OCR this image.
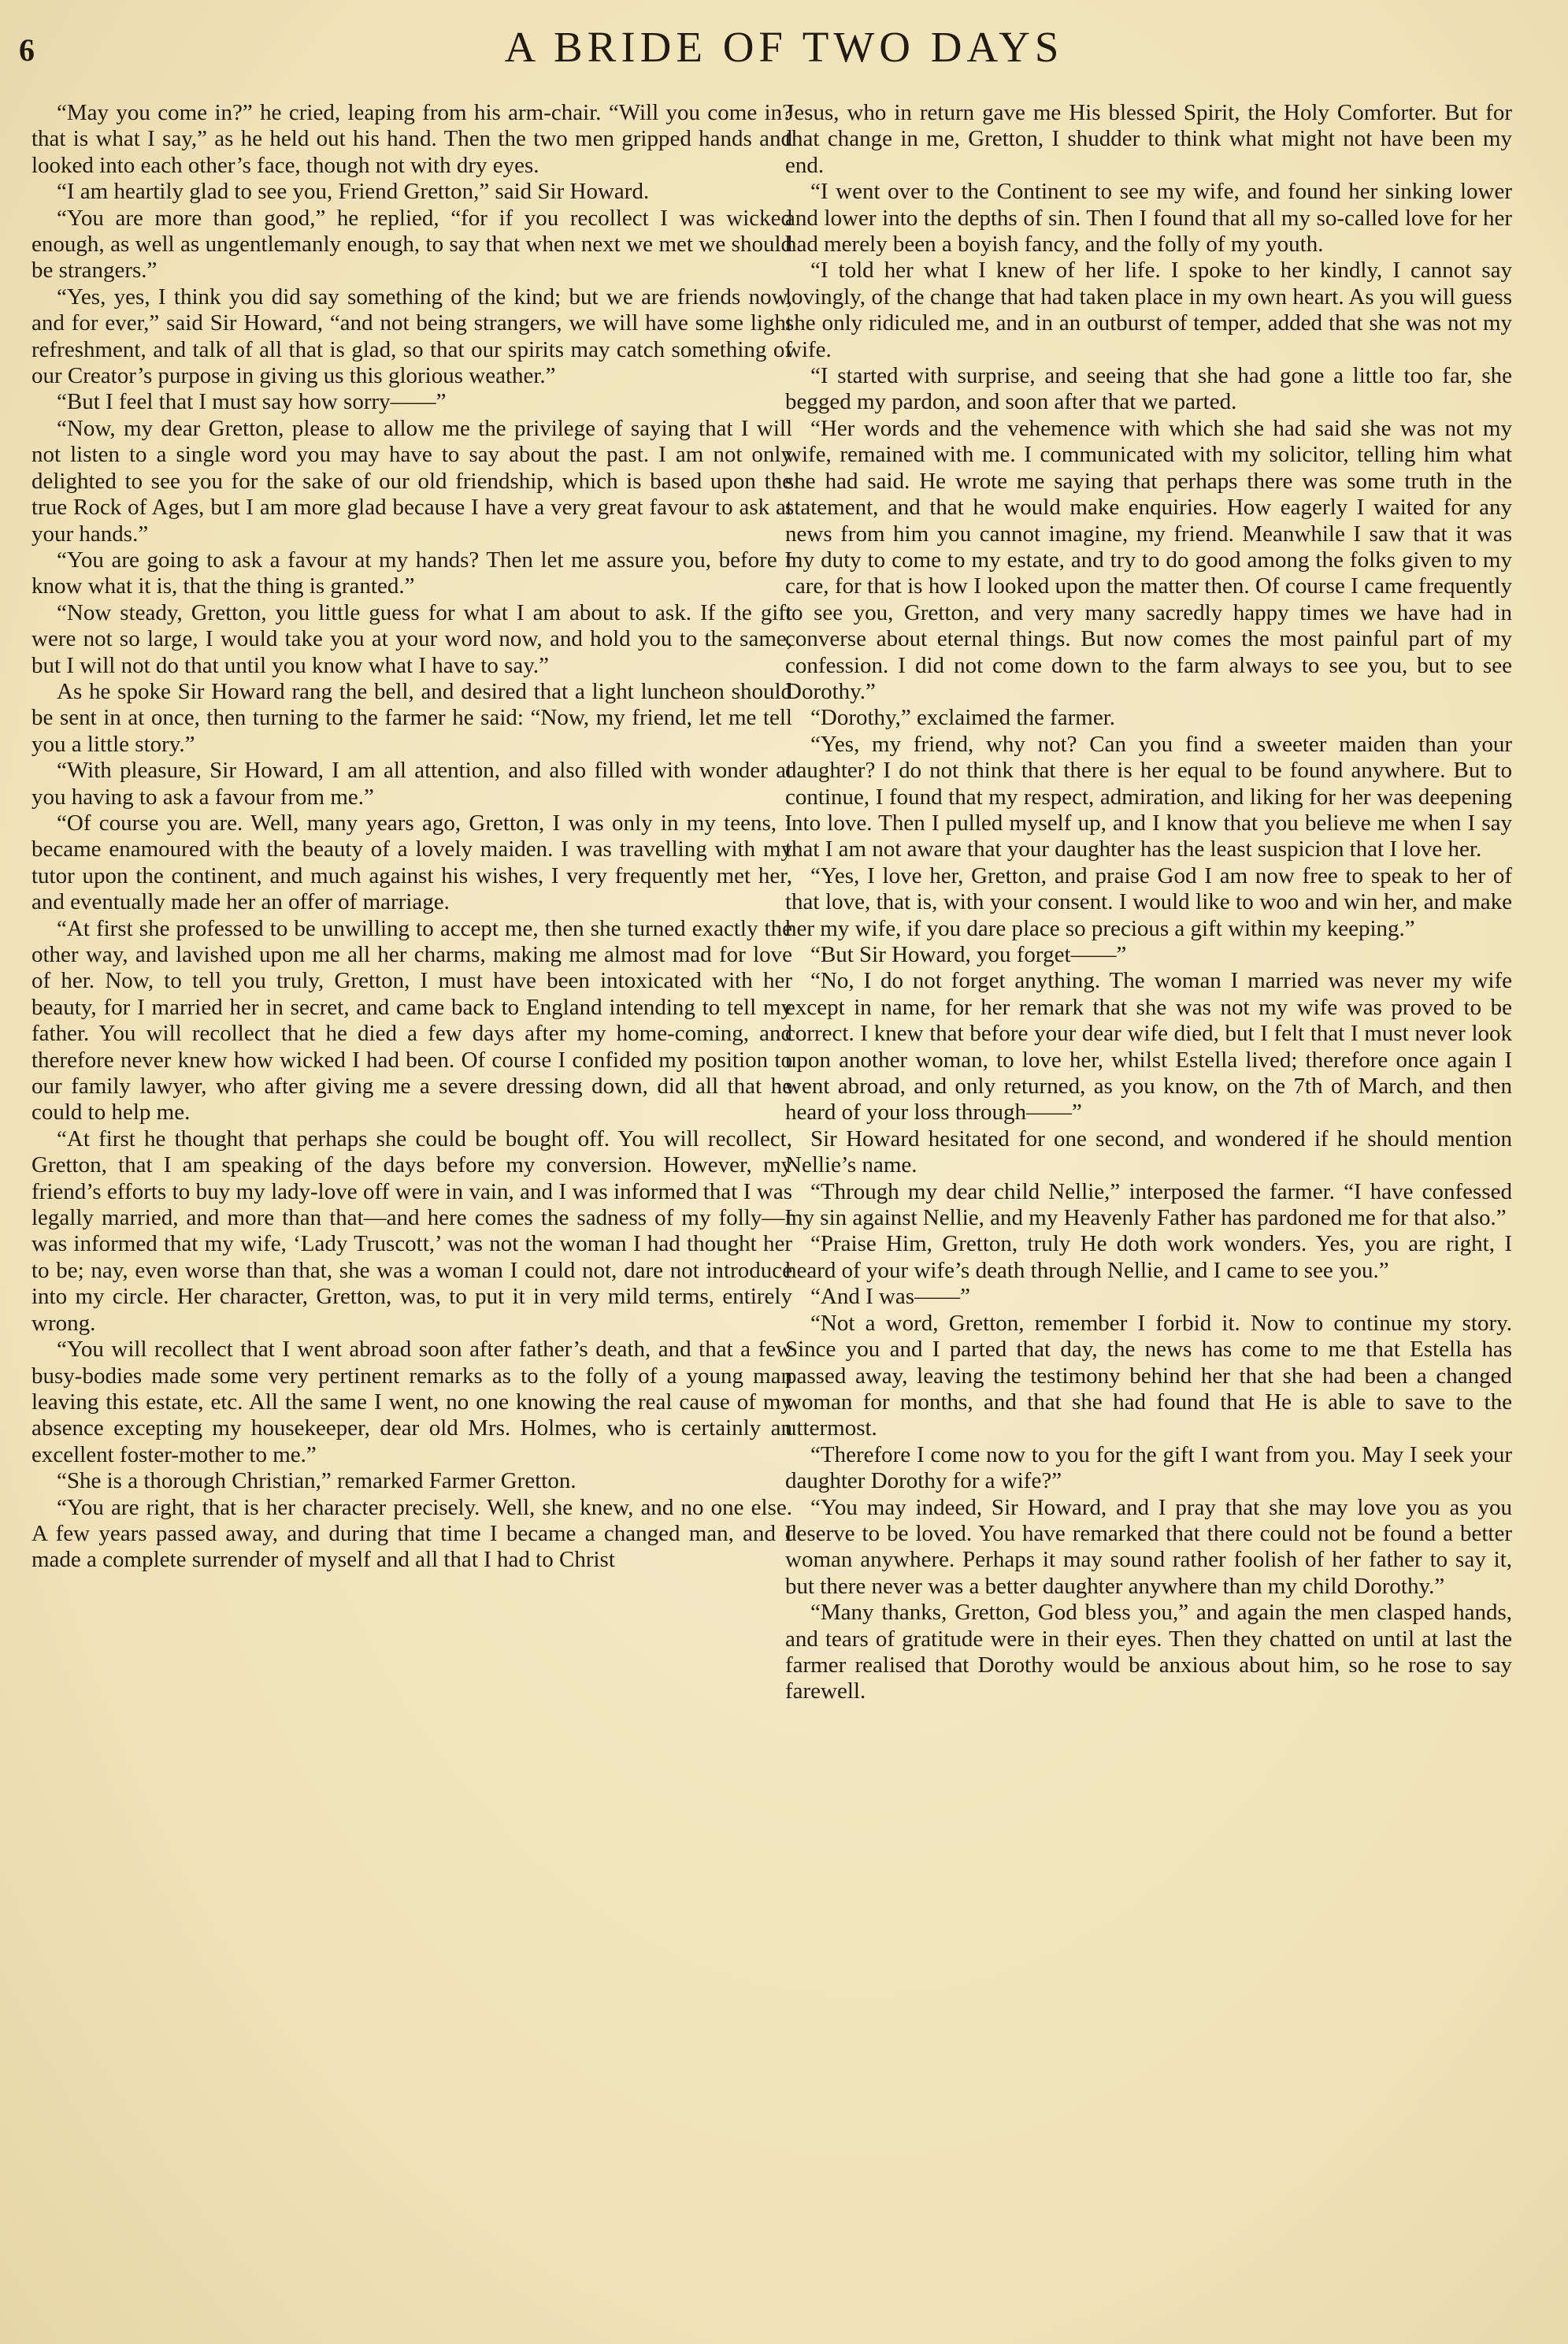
6	A BRIDE OF TWO DAYS

“May you come in?” he cried, leaping from his arm-chair. “Will you come in? that is what I say,” as he held out his hand. Then the two men gripped hands and looked into each other’s face, though not with dry eyes.

“I am heartily glad to see you, Friend Gretton,” said Sir Howard.

“You are more than good,” he replied, “for if you recollect I was wicked enough, as well as ungentlemanly enough, to say that when next we met we should be strangers.”

“Yes, yes, I think you did say something of the kind; but we are friends now, and for ever,” said Sir Howard, “and not being strangers, we will have some light refreshment, and talk of all that is glad, so that our spirits may catch something of our Creator’s purpose in giving us this glorious weather.”

“But I feel that I must say how sorry——”

“Now, my dear Gretton, please to allow me the privilege of saying that I will not listen to a single word you may have to say about the past. I am not only delighted to see you for the sake of our old friendship, which is based upon the true Rock of Ages, but I am more glad because I have a very great favour to ask at your hands.”

“You are going to ask a favour at my hands? Then let me assure you, before I know what it is, that the thing is granted.”

“Now steady, Gretton, you little guess for what I am about to ask. If the gift were not so large, I would take you at your word now, and hold you to the same, but I will not do that until you know what I have to say.”

As he spoke Sir Howard rang the bell, and desired that a light luncheon should be sent in at once, then turning to the farmer he said: “Now, my friend, let me tell you a little story.”

“With pleasure, Sir Howard, I am all attention, and also filled with wonder at you having to ask a favour from me.”

“Of course you are. Well, many years ago, Gretton, I was only in my teens, I became enamoured with the beauty of a lovely maiden. I was travelling with my tutor upon the continent, and much against his wishes, I very frequently met her, and eventually made her an offer of marriage.

“At first she professed to be unwilling to accept me, then she turned exactly the other way, and lavished upon me all her charms, making me almost mad for love of her. Now, to tell you truly, Gretton, I must have been intoxicated with her beauty, for I married her in secret, and came back to England intending to tell my father. You will recollect that he died a few days after my home-coming, and therefore never knew how wicked I had been. Of course I confided my position to our family lawyer, who after giving me a severe dressing down, did all that he could to help me.

“At first he thought that perhaps she could be bought off. You will recollect, Gretton, that I am speaking of the days before my conversion. However, my friend’s efforts to buy my lady-love off were in vain, and I was informed that I was legally married, and more than that—and here comes the sadness of my folly—I was informed that my wife, ‘Lady Truscott,’ was not the woman I had thought her to be; nay, even worse than that, she was a woman I could not, dare not introduce into my circle. Her character, Gretton, was, to put it in very mild terms, entirely wrong.

“You will recollect that I went abroad soon after father’s death, and that a few busy-bodies made some very pertinent remarks as to the folly of a young man leaving this estate, etc. All the same I went, no one knowing the real cause of my absence excepting my housekeeper, dear old Mrs. Holmes, who is certainly an excellent foster-mother to me.”

“She is a thorough Christian,” remarked Farmer Gretton.

“You are right, that is her character precisely. Well, she knew, and no one else. A few years passed away, and during that time I became a changed man, and I made a complete surrender of myself and all that I had to Christ

Jesus, who in return gave me His blessed Spirit, the Holy Comforter. But for that change in me, Gretton, I shudder to think what might not have been my end.

“I went over to the Continent to see my wife, and found her sinking lower and lower into the depths of sin. Then I found that all my so-called love for her had merely been a boyish fancy, and the folly of my youth.

“I told her what I knew of her life. I spoke to her kindly, I cannot say lovingly, of the change that had taken place in my own heart. As you will guess she only ridiculed me, and in an outburst of temper, added that she was not my wife.

“I started with surprise, and seeing that she had gone a little too far, she begged my pardon, and soon after that we parted.

“Her words and the vehemence with which she had said she was not my wife, remained with me. I communicated with my solicitor, telling him what she had said. He wrote me saying that perhaps there was some truth in the statement, and that he would make enquiries. How eagerly I waited for any news from him you cannot imagine, my friend. Meanwhile I saw that it was my duty to come to my estate, and try to do good among the folks given to my care, for that is how I looked upon the matter then. Of course I came frequently to see you, Gretton, and very many sacredly happy times we have had in converse about eternal things. But now comes the most painful part of my confession. I did not come down to the farm always to see you, but to see Dorothy.”

“Dorothy,” exclaimed the farmer.

“Yes, my friend, why not? Can you find a sweeter maiden than your daughter? I do not think that there is her equal to be found anywhere. But to continue, I found that my respect, admiration, and liking for her was deepening into love. Then I pulled myself up, and I know that you believe me when I say that I am not aware that your daughter has the least suspicion that I love her.

“Yes, I love her, Gretton, and praise God I am now free to speak to her of that love, that is, with your consent. I would like to woo and win her, and make her my wife, if you dare place so precious a gift within my keeping.”

“But Sir Howard, you forget——”

“No, I do not forget anything. The woman I married was never my wife except in name, for her remark that she was not my wife was proved to be correct. I knew that before your dear wife died, but I felt that I must never look upon another woman, to love her, whilst Estella lived; therefore once again I went abroad, and only returned, as you know, on the 7th of March, and then heard of your loss through——”

Sir Howard hesitated for one second, and wondered if he should mention Nellie’s name.

“Through my dear child Nellie,” interposed the farmer. “I have confessed my sin against Nellie, and my Heavenly Father has pardoned me for that also.”

“Praise Him, Gretton, truly He doth work wonders. Yes, you are right, I heard of your wife’s death through Nellie, and I came to see you.”

“And I was——”

“Not a word, Gretton, remember I forbid it. Now to continue my story. Since you and I parted that day, the news has come to me that Estella has passed away, leaving the testimony behind her that she had been a changed woman for months, and that she had found that He is able to save to the uttermost.

“Therefore I come now to you for the gift I want from you. May I seek your daughter Dorothy for a wife?”

“You may indeed, Sir Howard, and I pray that she may love you as you deserve to be loved. You have remarked that there could not be found a better woman anywhere. Perhaps it may sound rather foolish of her father to say it, but there never was a better daughter anywhere than my child Dorothy.”

“Many thanks, Gretton, God bless you,” and again the men clasped hands, and tears of gratitude were in their eyes. Then they chatted on until at last the farmer realised that Dorothy would be anxious about him, so he rose to say farewell.
